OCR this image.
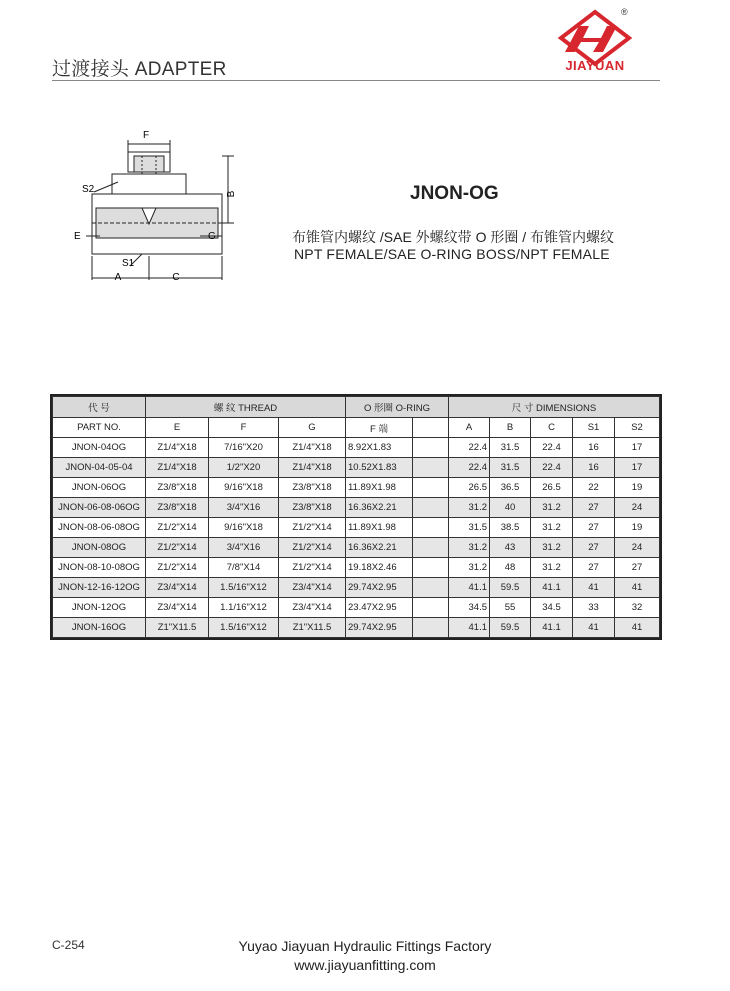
过渡接头 ADAPTER
®
JIAYUAN
F
B
S2
E	G
S1
A	C
JNON-OG
布锥管内螺纹 /SAE 外螺纹带 O 形圈 / 布锥管内螺纹
NPT FEMALE/SAE O-RING BOSS/NPT FEMALE
代 号	螺 纹 THREAD			O 形圈 O-RING		尺 寸 DIMENSIONS				
PART NO.	E	F	G	F 端		A	B	C	S1	S2
JNON-04OG	Z1/4"X18	7/16"X20	Z1/4"X18	8.92X1.83		22.4	31.5	22.4	16	17
JNON-04-05-04	Z1/4"X18	1/2"X20	Z1/4"X18	10.52X1.83		22.4	31.5	22.4	16	17
JNON-06OG	Z3/8"X18	9/16"X18	Z3/8"X18	11.89X1.98		26.5	36.5	26.5	22	19
JNON-06-08-06OG	Z3/8"X18	3/4"X16	Z3/8"X18	16.36X2.21		31.2	40	31.2	27	24
JNON-08-06-08OG	Z1/2"X14	9/16"X18	Z1/2"X14	11.89X1.98		31.5	38.5	31.2	27	19
JNON-08OG	Z1/2"X14	3/4"X16	Z1/2"X14	16.36X2.21		31.2	43	31.2	27	24
JNON-08-10-08OG	Z1/2"X14	7/8"X14	Z1/2"X14	19.18X2.46		31.2	48	31.2	27	27
JNON-12-16-12OG	Z3/4"X14	1.5/16"X12	Z3/4"X14	29.74X2.95		41.1	59.5	41.1	41	41
JNON-12OG	Z3/4"X14	1.1/16"X12	Z3/4"X14	23.47X2.95		34.5	55	34.5	33	32
JNON-16OG	Z1"X11.5	1.5/16"X12	Z1"X11.5	29.74X2.95		41.1	59.5	41.1	41	41
C-254	Yuyao Jiayuan Hydraulic Fittings Factory
www.jiayuanfitting.com
